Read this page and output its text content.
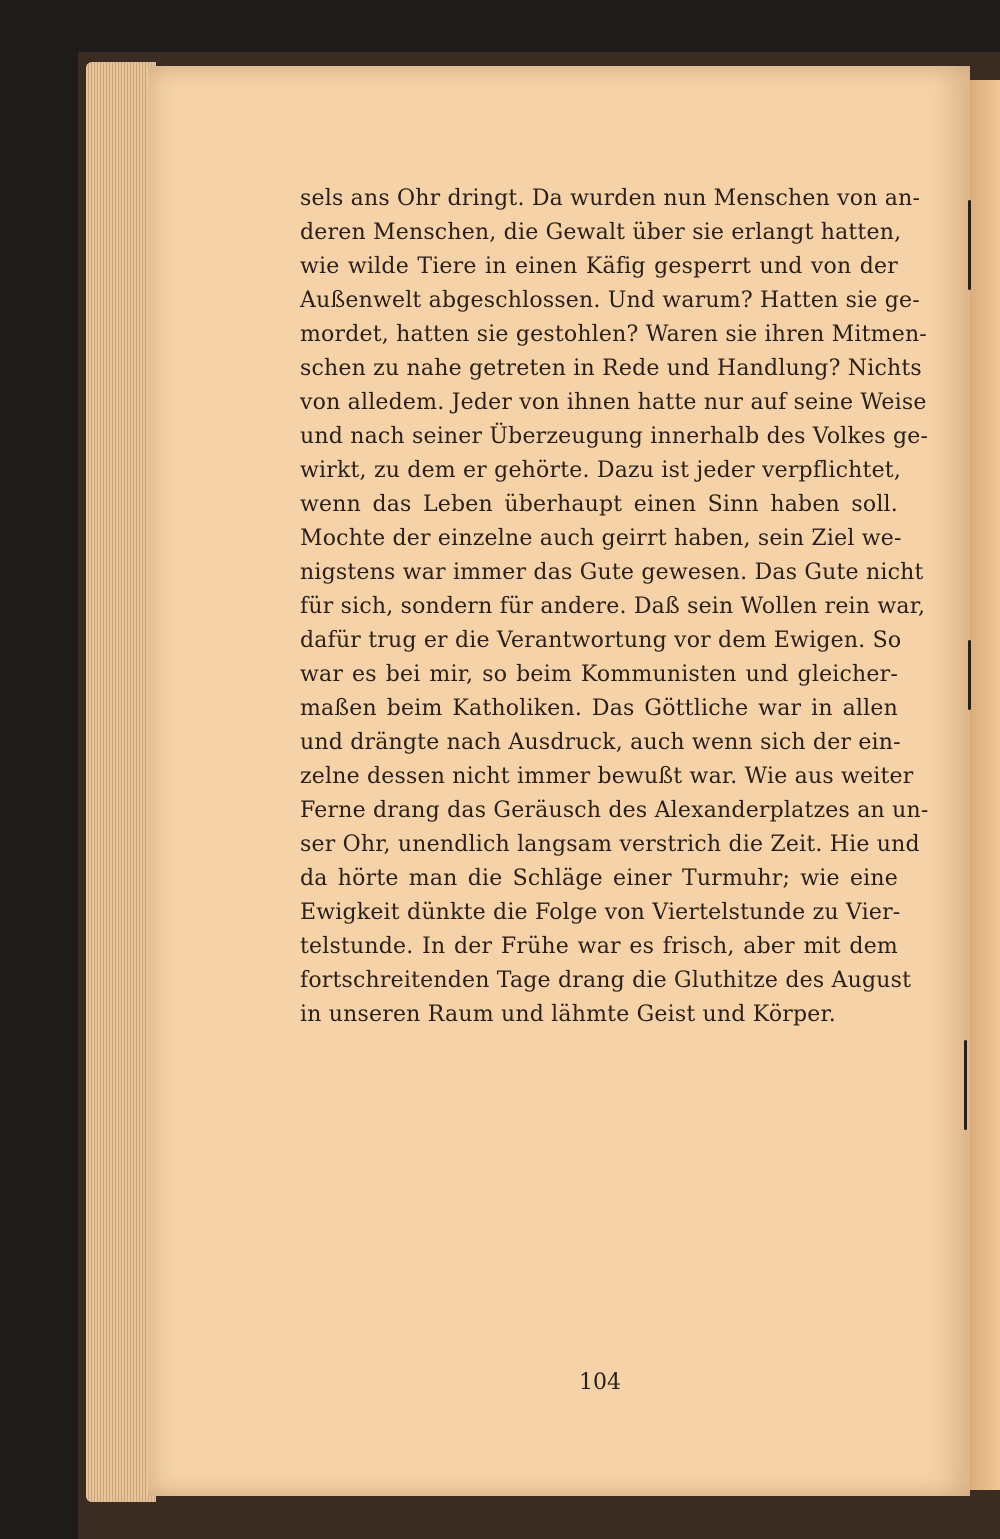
sels ans Ohr dringt. Da wurden nun Menschen von an-
deren Menschen, die Gewalt über sie erlangt hatten,
wie wilde Tiere in einen Käfig gesperrt und von der
Außenwelt abgeschlossen. Und warum? Hatten sie ge-
mordet, hatten sie gestohlen? Waren sie ihren Mitmen-
schen zu nahe getreten in Rede und Handlung? Nichts
von alledem. Jeder von ihnen hatte nur auf seine Weise
und nach seiner Überzeugung innerhalb des Volkes ge-
wirkt, zu dem er gehörte. Dazu ist jeder verpflichtet,
wenn das Leben überhaupt einen Sinn haben soll.
Mochte der einzelne auch geirrt haben, sein Ziel we-
nigstens war immer das Gute gewesen. Das Gute nicht
für sich, sondern für andere. Daß sein Wollen rein war,
dafür trug er die Verantwortung vor dem Ewigen. So
war es bei mir, so beim Kommunisten und gleicher-
maßen beim Katholiken. Das Göttliche war in allen
und drängte nach Ausdruck, auch wenn sich der ein-
zelne dessen nicht immer bewußt war. Wie aus weiter
Ferne drang das Geräusch des Alexanderplatzes an un-
ser Ohr, unendlich langsam verstrich die Zeit. Hie und
da hörte man die Schläge einer Turmuhr; wie eine
Ewigkeit dünkte die Folge von Viertelstunde zu Vier-
telstunde. In der Frühe war es frisch, aber mit dem
fortschreitenden Tage drang die Gluthitze des August
in unseren Raum und lähmte Geist und Körper.
104
